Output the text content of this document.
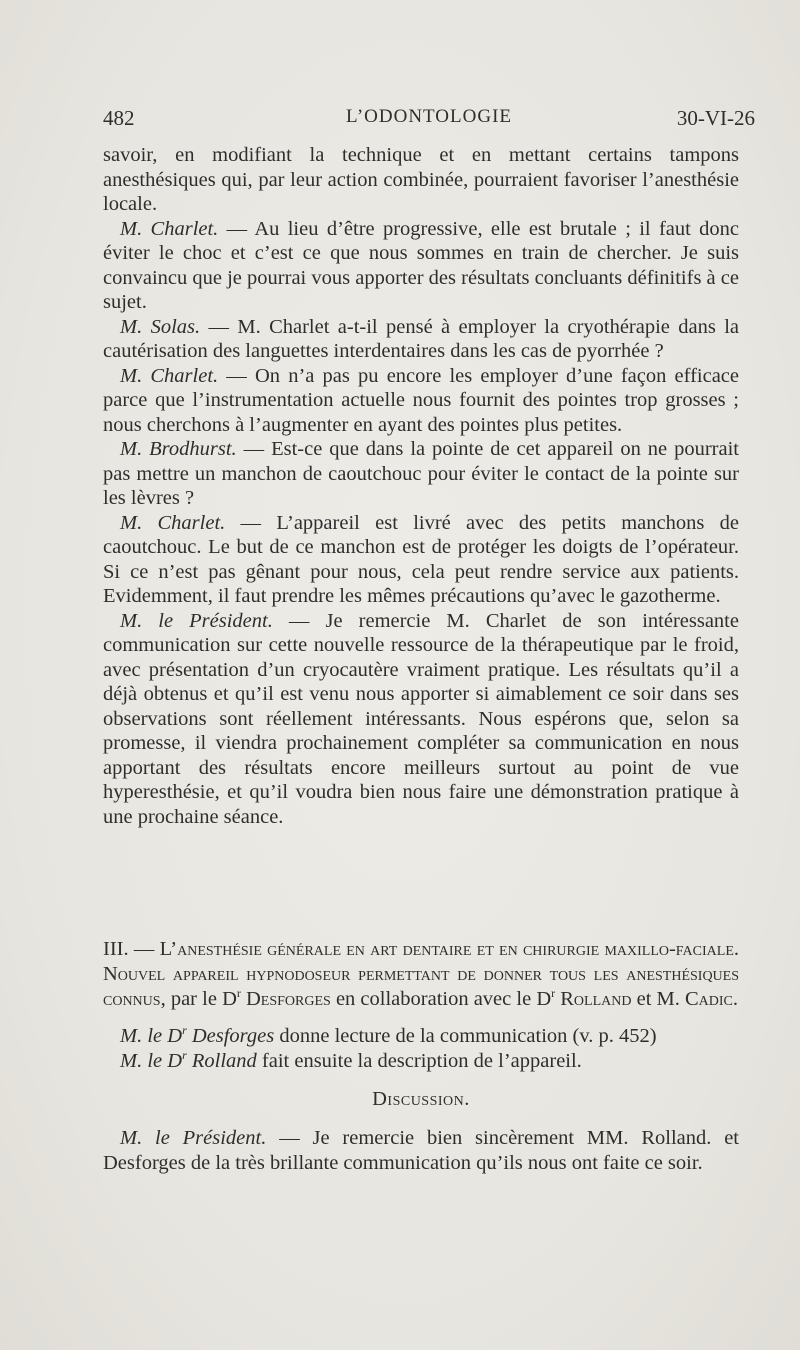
482	L’ODONTOLOGIE	30-VI-26

savoir, en modifiant la technique et en mettant certains tampons anesthésiques qui, par leur action combinée, pourraient favoriser l’anesthésie locale.

M. Charlet. — Au lieu d’être progressive, elle est brutale ; il faut donc éviter le choc et c’est ce que nous sommes en train de chercher. Je suis convaincu que je pourrai vous apporter des résultats concluants définitifs à ce sujet.

M. Solas. — M. Charlet a-t-il pensé à employer la cryothérapie dans la cautérisation des languettes interdentaires dans les cas de pyorrhée ?

M. Charlet. — On n’a pas pu encore les employer d’une façon efficace parce que l’instrumentation actuelle nous fournit des pointes trop grosses ; nous cherchons à l’augmenter en ayant des pointes plus petites.

M. Brodhurst. — Est-ce que dans la pointe de cet appareil on ne pourrait pas mettre un manchon de caoutchouc pour éviter le contact de la pointe sur les lèvres ?

M. Charlet. — L’appareil est livré avec des petits manchons de caoutchouc. Le but de ce manchon est de protéger les doigts de l’opérateur. Si ce n’est pas gênant pour nous, cela peut rendre service aux patients. Evidemment, il faut prendre les mêmes précautions qu’avec le gazotherme.

M. le Président. — Je remercie M. Charlet de son intéressante communication sur cette nouvelle ressource de la thérapeutique par le froid, avec présentation d’un cryocautère vraiment pratique. Les résultats qu’il a déjà obtenus et qu’il est venu nous apporter si aimablement ce soir dans ses observations sont réellement intéressants. Nous espérons que, selon sa promesse, il viendra prochainement compléter sa communication en nous apportant des résultats encore meilleurs surtout au point de vue hyperesthésie, et qu’il voudra bien nous faire une démonstration pratique à une prochaine séance.

III. — L’anesthésie générale en art dentaire et en chirurgie maxillo-faciale. Nouvel appareil hypnodoseur permettant de donner tous les anesthésiques connus, par le $D^r$ Desforges en collaboration avec le $D^r$ Rolland et M. Cadic.

M. le $D^r$ Desforges donne lecture de la communication (v. p. 452)

M. le $D^r$ Rolland fait ensuite la description de l’appareil.

Discussion.

M. le Président. — Je remercie bien sincèrement MM. Rolland. et Desforges de la très brillante communication qu’ils nous ont faite ce soir.
